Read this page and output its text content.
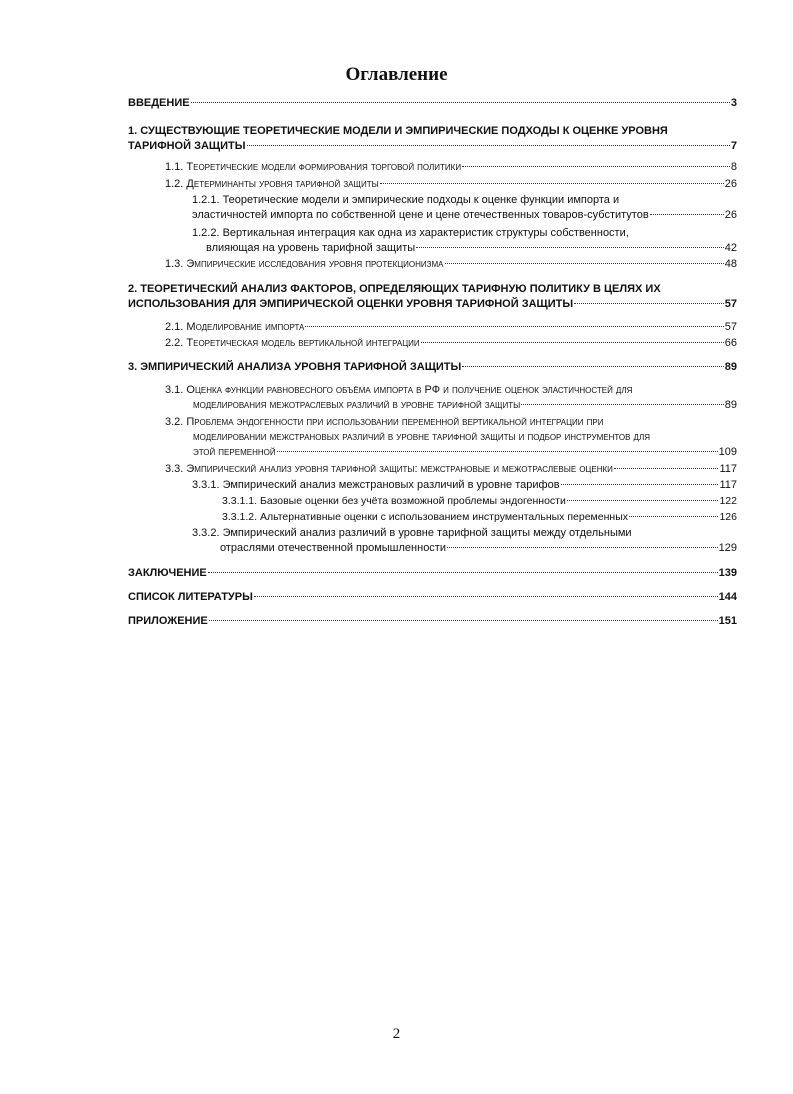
Оглавление
ВВЕДЕНИЕ	3
1. СУЩЕСТВУЮЩИЕ ТЕОРЕТИЧЕСКИЕ МОДЕЛИ И ЭМПИРИЧЕСКИЕ ПОДХОДЫ К ОЦЕНКЕ УРОВНЯ
ТАРИФНОЙ ЗАЩИТЫ	7
1.1. Теоретические модели формирования торговой политики	8
1.2. Детерминанты уровня тарифной защиты	26
1.2.1. Теоретические модели и эмпирические подходы к оценке функции импорта и
эластичностей импорта по собственной цене и цене отечественных товаров-субститутов	26
1.2.2. Вертикальная интеграция как одна из характеристик структуры собственности,
влияющая на уровень тарифной защиты	42
1.3. Эмпирические исследования уровня протекционизма	48
2. ТЕОРЕТИЧЕСКИЙ АНАЛИЗ ФАКТОРОВ, ОПРЕДЕЛЯЮЩИХ ТАРИФНУЮ ПОЛИТИКУ В ЦЕЛЯХ ИХ
ИСПОЛЬЗОВАНИЯ ДЛЯ ЭМПИРИЧЕСКОЙ ОЦЕНКИ УРОВНЯ ТАРИФНОЙ ЗАЩИТЫ	57
2.1. Моделирование импорта	57
2.2. Теоретическая модель вертикальной интеграции	66
3. ЭМПИРИЧЕСКИЙ АНАЛИЗА УРОВНЯ ТАРИФНОЙ ЗАЩИТЫ	89
3.1. Оценка функции равновесного объёма импорта в РФ и получение оценок эластичностей для
моделирования межотраслевых различий в уровне тарифной защиты	89
3.2. Проблема эндогенности при использовании переменной вертикальной интеграции при
моделировании межстрановых различий в уровне тарифной защиты и подбор инструментов для
этой переменной	109
3.3. Эмпирический анализ уровня тарифной защиты: межстрановые и межотраслевые оценки	117
3.3.1. Эмпирический анализ межстрановых различий в уровне тарифов	117
3.3.1.1. Базовые оценки без учёта возможной проблемы эндогенности	122
3.3.1.2. Альтернативные оценки с использованием инструментальных переменных	126
3.3.2. Эмпирический анализ различий в уровне тарифной защиты между отдельными
отраслями отечественной промышленности	129
ЗАКЛЮЧЕНИЕ	139
СПИСОК ЛИТЕРАТУРЫ	144
ПРИЛОЖЕНИЕ	151
2
